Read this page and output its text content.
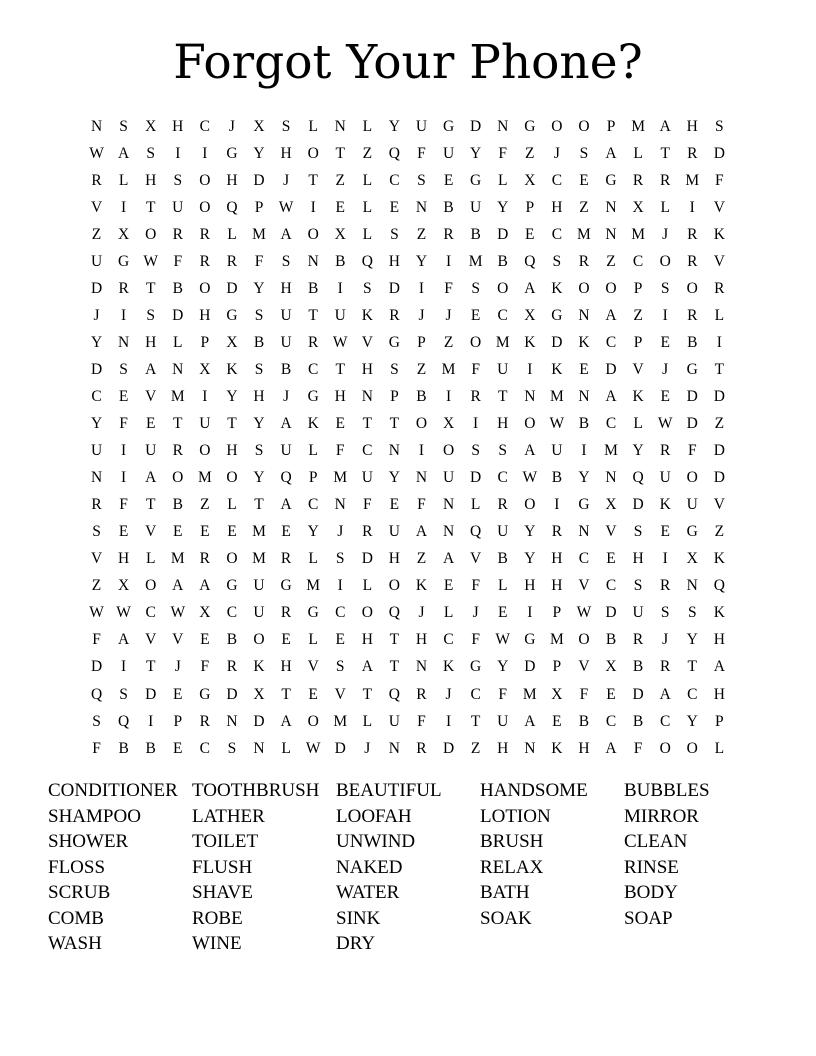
Forgot Your Phone?
N	S	X	H	C	J	X	S	L	N	L	Y	U	G	D	N	G	O	O	P	M A	H	S
W A	S	I	I	G	Y	H	O	T	Z	Q	F	U	Y	F	Z	J	S	A	L	T	R	D
R	L	H	S	O	H	D	J	T	Z	L	C	S	E	G	L	X	C	E	G	R	R M	F
V	I	T	U	O	Q	P W	I	E	L	E	N	B	U	Y	P	H	Z	N	X	L	I	V
Z	X	O	R	R	L M A	O	X	L	S	Z	R	B	D	E	C M N M	J	R	K
U	G W F	R	R	F	S	N	B	Q	H	Y	I	M B	Q	S	R	Z	C	O	R	V
D	R	T	B	O	D	Y	H	B	I	S	D	I	F	S	O	A	K	O	O	P	S	O	R
J	I	S	D	H	G	S	U	T	U	K	R	J	J	E	C	X	G	N	A	Z	I	R	L
Y	N	H	L	P	X	B	U	R W V	G	P	Z	O M K	D	K	C	P	E	B	I
D	S	A	N	X	K	S	B	C	T	H	S	Z M	F	U	I	K	E	D	V	J	G	T
C	E	V M	I	Y	H	J	G	H	N	P	B	I	R	T	N M N	A	K	E	D	D
Y	F	E	T	U	T	Y	A	K	E	T	T	O	X	I	H	O W B	C	L W D	Z
U	I	U	R	O	H	S	U	L	F	C	N	I	O	S	S	A	U	I	M Y	R	F	D
N	I	A	O M O	Y	Q	P	M U	Y	N	U	D	C W B	Y	N	Q	U	O	D
R	F	T	B	Z	L	T	A	C	N	F	E	F	N	L	R	O	I	G	X	D	K	U	V
S	E	V	E	E	E M E	Y	J	R	U	A	N	Q	U	Y	R	N	V	S	E	G	Z
V	H	L M R	O M R	L	S	D	H	Z	A	V	B	Y	H	C	E	H	I	X	K
Z	X	O	A	A	G	U	G M	I	L	O	K	E	F	L	H	H	V	C	S	R	N	Q
W W C W X	C	U	R	G	C	O	Q	J	L	J	E	I	P W D	U	S	S	K
F	A	V	V	E	B	O	E	L	E	H	T	H	C	F W G M O	B	R	J	Y	H
D	I	T	J	F	R	K	H	V	S	A	T	N	K	G	Y	D	P	V	X	B	R	T	A
Q	S	D	E	G	D	X	T	E	V	T	Q	R	J	C	F	M X	F	E	D	A	C	H
S	Q	I	P	R	N	D	A	O M L	U	F	I	T	U	A	E	B	C	B	C	Y	P
F	B	B	E	C	S	N	L W D	J	N	R	D	Z	H	N	K	H	A	F	O	O	L
CONDITIONER TOOTHBRUSH BEAUTIFUL	HANDSOME	BUBBLES
SHAMPOO	LATHER	LOOFAH	LOTION	MIRROR
SHOWER	TOILET	UNWIND	BRUSH	CLEAN
FLOSS	FLUSH	NAKED	RELAX	RINSE
SCRUB	SHAVE	WATER	BATH	BODY
COMB	ROBE	SINK	SOAK	SOAP
WASH	WINE	DRY
